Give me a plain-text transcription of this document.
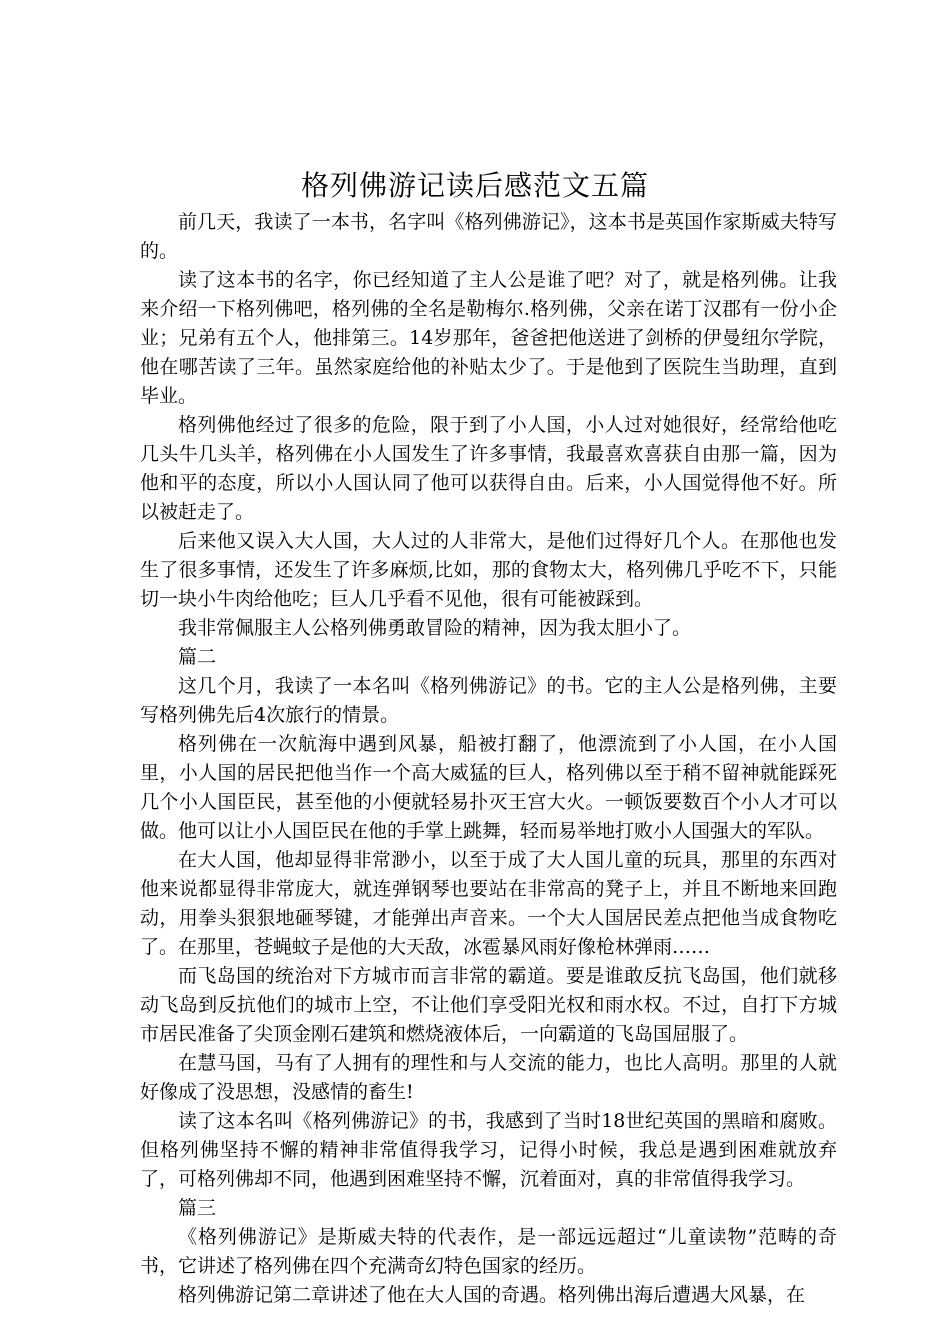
格列佛游记读后感范文五篇

前几天，我读了一本书，名字叫《格列佛游记》，这本书是英国作家斯威夫特写的。

读了这本书的名字，你已经知道了主人公是谁了吧？对了，就是格列佛。让我来介绍一下格列佛吧，格列佛的全名是勒梅尔.格列佛，父亲在诺丁汉郡有一份小企业；兄弟有五个人，他排第三。14岁那年，爸爸把他送进了剑桥的伊曼纽尔学院，他在哪苦读了三年。虽然家庭给他的补贴太少了。于是他到了医院生当助理，直到毕业。

格列佛他经过了很多的危险，限于到了小人国，小人过对她很好，经常给他吃几头牛几头羊，格列佛在小人国发生了许多事情，我最喜欢喜获自由那一篇，因为他和平的态度，所以小人国认同了他可以获得自由。后来，小人国觉得他不好。所以被赶走了。

后来他又误入大人国，大人过的人非常大，是他们过得好几个人。在那他也发生了很多事情，还发生了许多麻烦,比如，那的食物太大，格列佛几乎吃不下，只能切一块小牛肉给他吃；巨人几乎看不见他，很有可能被踩到。

我非常佩服主人公格列佛勇敢冒险的精神，因为我太胆小了。

篇二

这几个月，我读了一本名叫《格列佛游记》的书。它的主人公是格列佛，主要写格列佛先后4次旅行的情景。

格列佛在一次航海中遇到风暴，船被打翻了，他漂流到了小人国，在小人国里，小人国的居民把他当作一个高大威猛的巨人，格列佛以至于稍不留神就能踩死几个小人国臣民，甚至他的小便就轻易扑灭王宫大火。一顿饭要数百个小人才可以做。他可以让小人国臣民在他的手掌上跳舞，轻而易举地打败小人国强大的军队。

在大人国，他却显得非常渺小，以至于成了大人国儿童的玩具，那里的东西对他来说都显得非常庞大，就连弹钢琴也要站在非常高的凳子上，并且不断地来回跑动，用拳头狠狠地砸琴键，才能弹出声音来。一个大人国居民差点把他当成食物吃了。在那里，苍蝇蚊子是他的大天敌，冰雹暴风雨好像枪林弹雨……

而飞岛国的统治对下方城市而言非常的霸道。要是谁敢反抗飞岛国，他们就移动飞岛到反抗他们的城市上空，不让他们享受阳光权和雨水权。不过，自打下方城市居民准备了尖顶金刚石建筑和燃烧液体后，一向霸道的飞岛国屈服了。

在慧马国，马有了人拥有的理性和与人交流的能力，也比人高明。那里的人就好像成了没思想，没感情的畜生!

读了这本名叫《格列佛游记》的书，我感到了当时18世纪英国的黑暗和腐败。但格列佛坚持不懈的精神非常值得我学习，记得小时候，我总是遇到困难就放弃了，可格列佛却不同，他遇到困难坚持不懈，沉着面对，真的非常值得我学习。

篇三

《格列佛游记》是斯威夫特的代表作，是一部远远超过“儿童读物”范畴的奇书，它讲述了格列佛在四个充满奇幻特色国家的经历。

格列佛游记第二章讲述了他在大人国的奇遇。格列佛出海后遭遇大风暴，在
